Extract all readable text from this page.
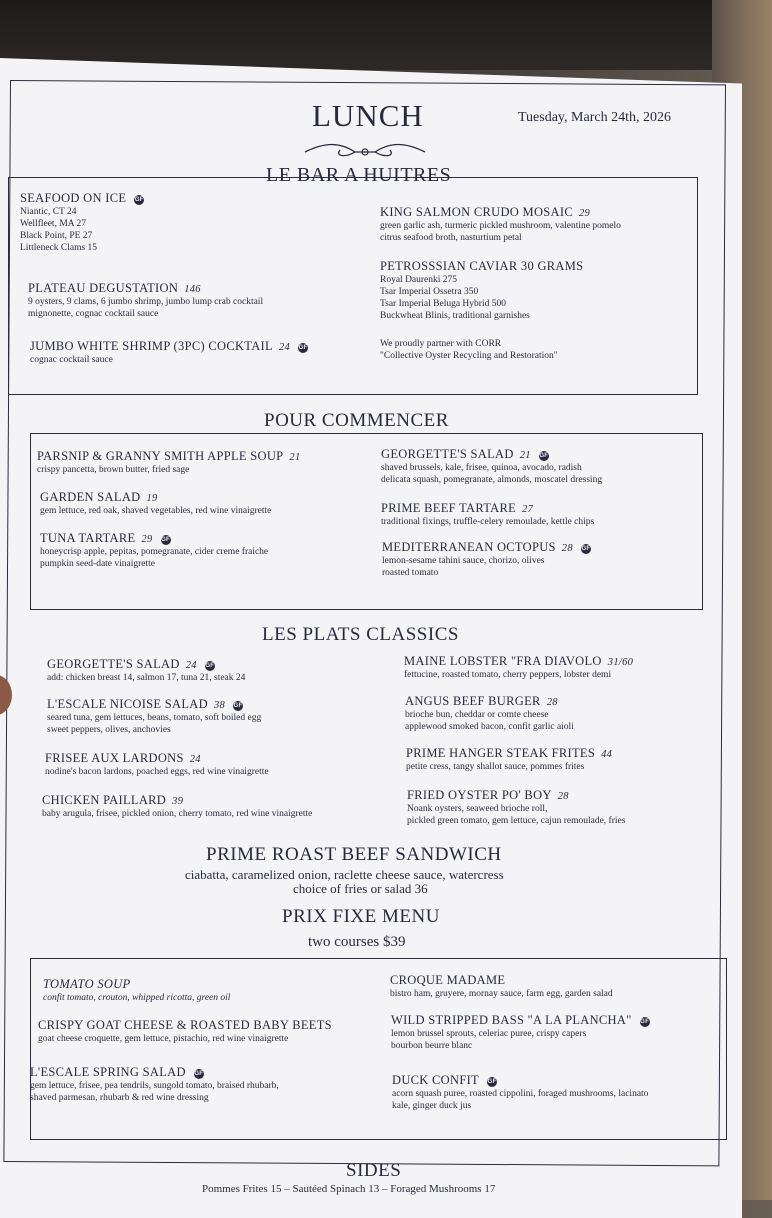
LUNCH	Tuesday, March 24th, 2026
LE BAR A HUITRES
POUR COMMENCER
LES PLATS CLASSICS
PRIME ROAST BEEF SANDWICH
ciabatta, caramelized onion, raclette cheese sauce, watercress
choice of fries or salad 36
PRIX FIXE MENU
two courses $39
SIDES
Pommes Frites 15 – Sautéed Spinach 13 – Foraged Mushrooms 17
SEAFOOD ON ICE GF
Niantic, CT 24
Wellfleet, MA 27
Black Point, PE 27
Littleneck Clams 15
PLATEAU DEGUSTATION 146
9 oysters, 9 clams, 6 jumbo shrimp, jumbo lump crab cocktail
mignonette, cognac cocktail sauce
JUMBO WHITE SHRIMP (3PC) COCKTAIL 24 GF
cognac cocktail sauce
KING SALMON CRUDO MOSAIC 29
green garlic ash, turmeric pickled mushroom, valentine pomelo
citrus seafood broth, nasturtium petal
PETROSSSIAN CAVIAR 30 GRAMS
Royal Daurenki 275
Tsar Imperial Ossetra 350
Tsar Imperial Beluga Hybrid 500
Buckwheat Blinis, traditional garnishes
We proudly partner with CORR
"Collective Oyster Recycling and Restoration"
PARSNIP & GRANNY SMITH APPLE SOUP 21
crispy pancetta, brown butter, fried sage
GARDEN SALAD 19
gem lettuce, red oak, shaved vegetables, red wine vinaigrette
TUNA TARTARE 29 GF
honeycrisp apple, pepitas, pomegranate, cider creme fraiche
pumpkin seed-date vinaigrette
GEORGETTE'S SALAD 21 GF
shaved brussels, kale, frisee, quinoa, avocado, radish
delicata squash, pomegranate, almonds, moscatel dressing
PRIME BEEF TARTARE 27
traditional fixings, truffle-celery remoulade, kettle chips
MEDITERRANEAN OCTOPUS 28 GF
lemon-sesame tahini sauce, chorizo, olives
roasted tomato
GEORGETTE'S SALAD 24 GF
add: chicken breast 14, salmon 17, tuna 21, steak 24
L'ESCALE NICOISE SALAD 38 GF
seared tuna, gem lettuces, beans, tomato, soft boiled egg
sweet peppers, olives, anchovies
FRISEE AUX LARDONS 24
nodine's bacon lardons, poached eggs, red wine vinaigrette
CHICKEN PAILLARD 39
baby arugula, frisee, pickled onion, cherry tomato, red wine vinaigrette
MAINE LOBSTER "FRA DIAVOLO 31/60
fettucine, roasted tomato, cherry peppers, lobster demi
ANGUS BEEF BURGER 28
brioche bun, cheddar or comte cheese
applewood smoked bacon, confit garlic aioli
PRIME HANGER STEAK FRITES 44
petite cress, tangy shallot sauce, pommes frites
FRIED OYSTER PO' BOY 28
Noank oysters, seaweed brioche roll,
pickled green tomato, gem lettuce, cajun remoulade, fries
TOMATO SOUP
confit tomato, crouton, whipped ricotta, green oil
CRISPY GOAT CHEESE & ROASTED BABY BEETS
goat cheese croquette, gem lettuce, pistachio, red wine vinaigrette
L'ESCALE SPRING SALAD GF
gem lettuce, frisee, pea tendrils, sungold tomato, braised rhubarb,
shaved parmesan, rhubarb & red wine dressing
CROQUE MADAME
bistro ham, gruyere, mornay sauce, farm egg, garden salad
WILD STRIPPED BASS "A LA PLANCHA" GF
lemon brussel sprouts, celeriac puree, crispy capers
bourbon beurre blanc
DUCK CONFIT GF
acorn squash puree, roasted cippolini, foraged mushrooms, lacinato
kale, ginger duck jus
